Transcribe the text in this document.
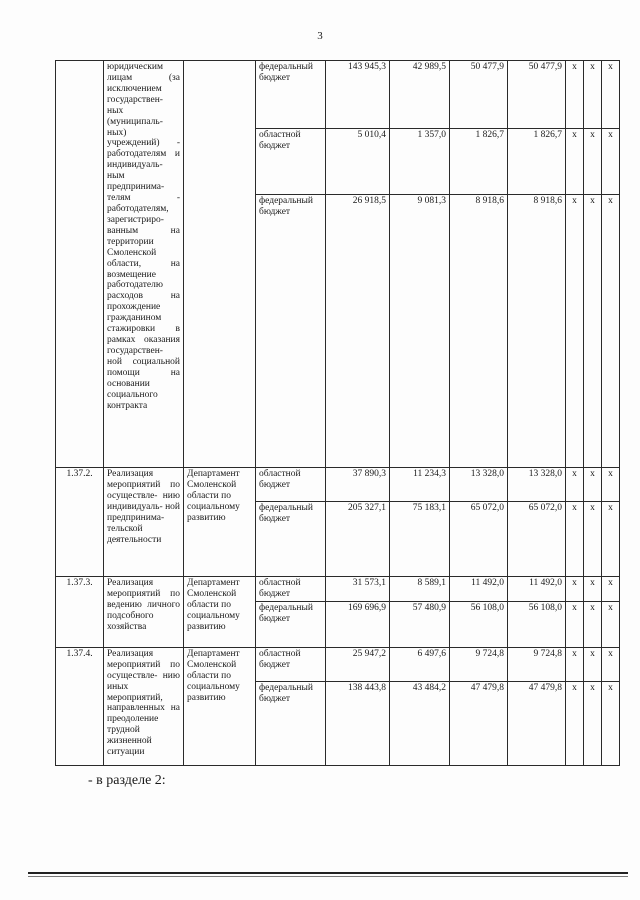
3
	юридическим лицам (за исключением государствен- ных (муниципаль- ных) учреждений) - работодателям и индивидуаль- ным предпринима- телям - работодателям, зарегистриро- ванным на территории Смоленской области, на возмещение работодателю расходов на прохождение гражданином стажировки в рамках оказания государствен- ной социальной помощи на основании социального контракта		федеральный бюджет	143 945,3	42 989,5	50 477,9	50 477,9	x	x	x
			областной бюджет	5 010,4	1 357,0	1 826,7	1 826,7	x	x	x
			федеральный бюджет	26 918,5	9 081,3	8 918,6	8 918,6	x	x	x
1.37.2.	Реализация мероприятий по осуществле- нию индивидуаль- ной предпринима- тельской деятельности	Департамент Смоленской области по социальному развитию	областной бюджет	37 890,3	11 234,3	13 328,0	13 328,0	x	x	x
			федеральный бюджет	205 327,1	75 183,1	65 072,0	65 072,0	x	x	x
1.37.3.	Реализация мероприятий по ведению личного подсобного хозяйства	Департамент Смоленской области по социальному развитию	областной бюджет	31 573,1	8 589,1	11 492,0	11 492,0	x	x	x
			федеральный бюджет	169 696,9	57 480,9	56 108,0	56 108,0	x	x	x
1.37.4.	Реализация мероприятий по осуществле- нию иных мероприятий, направленных на преодоление трудной жизненной ситуации	Департамент Смоленской области по социальному развитию	областной бюджет	25 947,2	6 497,6	9 724,8	9 724,8	x	x	x
			федеральный бюджет	138 443,8	43 484,2	47 479,8	47 479,8	x	x	x
- в разделе 2:
